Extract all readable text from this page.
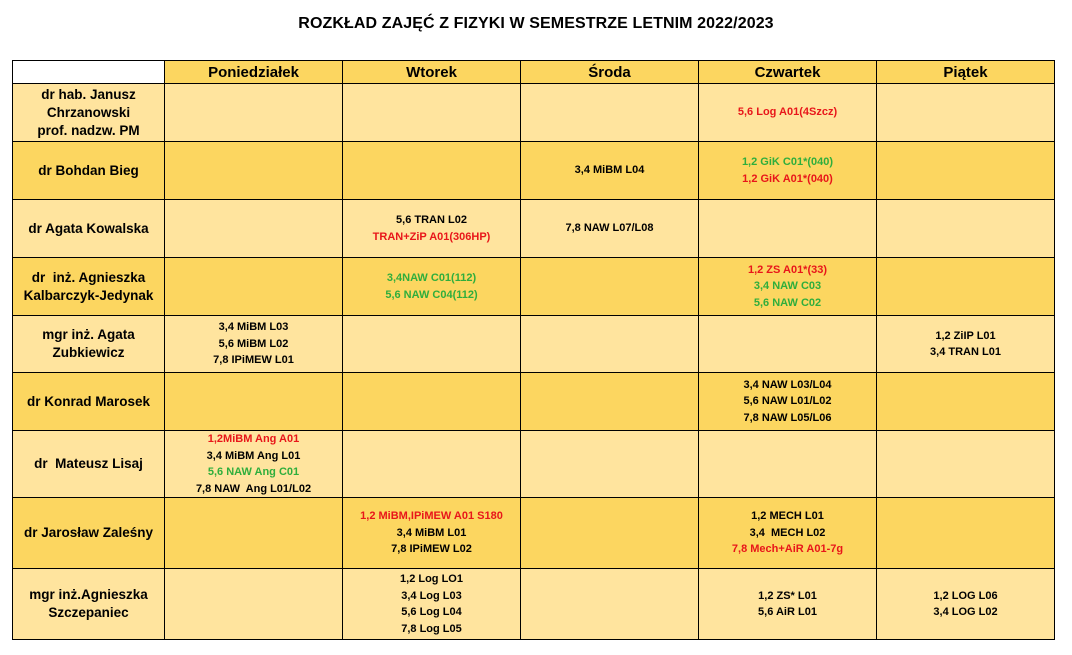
ROZKŁAD ZAJĘĆ Z FIZYKI W SEMESTRZE LETNIM 2022/2023
	Poniedziałek	Wtorek	Środa	Czwartek	Piątek

dr hab. Janusz
Chrzanowski
prof. nadzw. PM				5,6 Log A01(4Szcz)	

dr Bohdan Bieg			3,4 MiBM L04	1,2 GiK C01*(040)
1,2 GiK A01*(040)	

dr Agata Kowalska		5,6 TRAN L02
TRAN+ZiP A01(306HP)	7,8 NAW L07/L08		

dr  inż. Agnieszka
Kalbarczyk-Jedynak		3,4NAW C01(112)
5,6 NAW C04(112)		1,2 ZS A01*(33)
3,4 NAW C03
5,6 NAW C02	

mgr inż. Agata
Zubkiewicz	3,4 MiBM L03
5,6 MiBM L02
7,8 IPiMEW L01				1,2 ZiIP L01
3,4 TRAN L01

dr Konrad Marosek				3,4 NAW L03/L04
5,6 NAW L01/L02
7,8 NAW L05/L06	

dr  Mateusz Lisaj	1,2MiBM Ang A01
3,4 MiBM Ang L01
5,6 NAW Ang C01
7,8 NAW  Ang L01/L02				

dr Jarosław Zaleśny		1,2 MiBM,IPiMEW A01 S180
3,4 MiBM L01
7,8 IPiMEW L02		1,2 MECH L01
3,4  MECH L02
7,8 Mech+AiR A01-7g	

mgr inż.Agnieszka
Szczepaniec		1,2 Log LO1
3,4 Log L03
5,6 Log L04
7,8 Log L05		1,2 ZS* L01
5,6 AiR L01	1,2 LOG L06
3,4 LOG L02
